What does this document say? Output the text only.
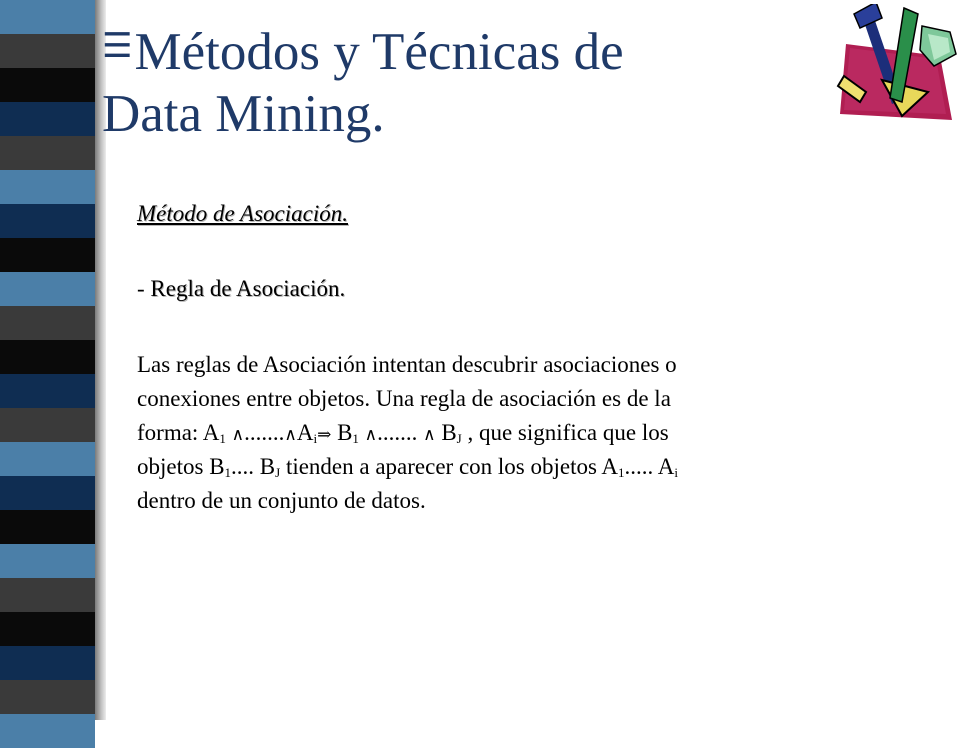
☰Métodos y Técnicas de
Data Mining.

Método de Asociación.

- Regla de Asociación.

Las reglas de Asociación intentan descubrir asociaciones o
conexiones entre objetos. Una regla de asociación es de la
forma: $A_1$ $\wedge.......\wedge A_i\Rightarrow$ $B_1$ ∧....... ∧ $B_J$ , que significa que los
objetos $B_1$.... $B_J$ tienden a aparecer con los objetos $A_1$..... $A_i$
dentro de un conjunto de datos.
